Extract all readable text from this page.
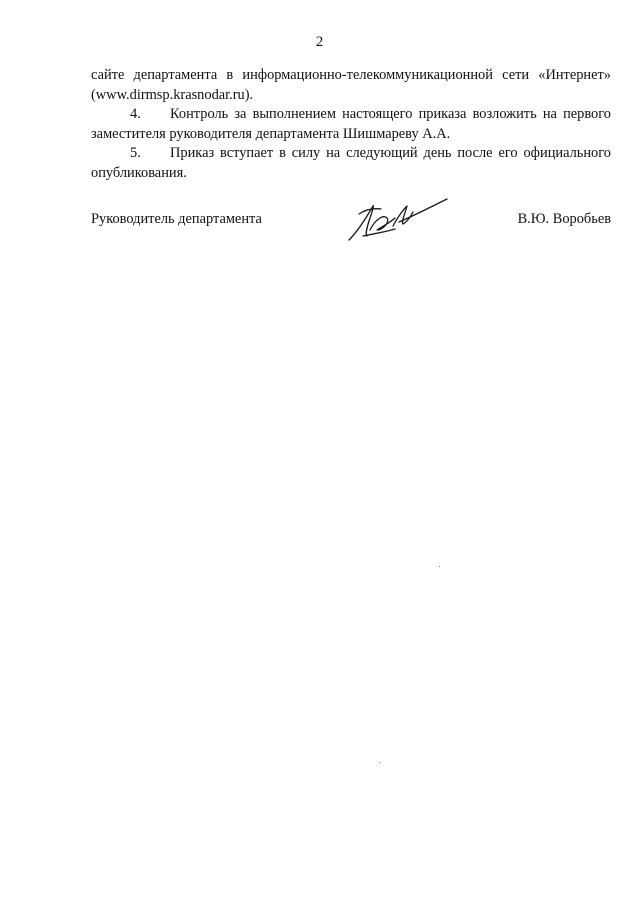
2

сайте департамента в информационно-телекоммуникационной сети «Интернет»

(www.dirmsp.krasnodar.ru).

4. Контроль за выполнением настоящего приказа возложить на первого

заместителя руководителя департамента Шишмареву А.А.

5. Приказ вступает в силу на следующий день после его официального

опубликования.

Руководитель департамента	В.Ю. Воробьев
